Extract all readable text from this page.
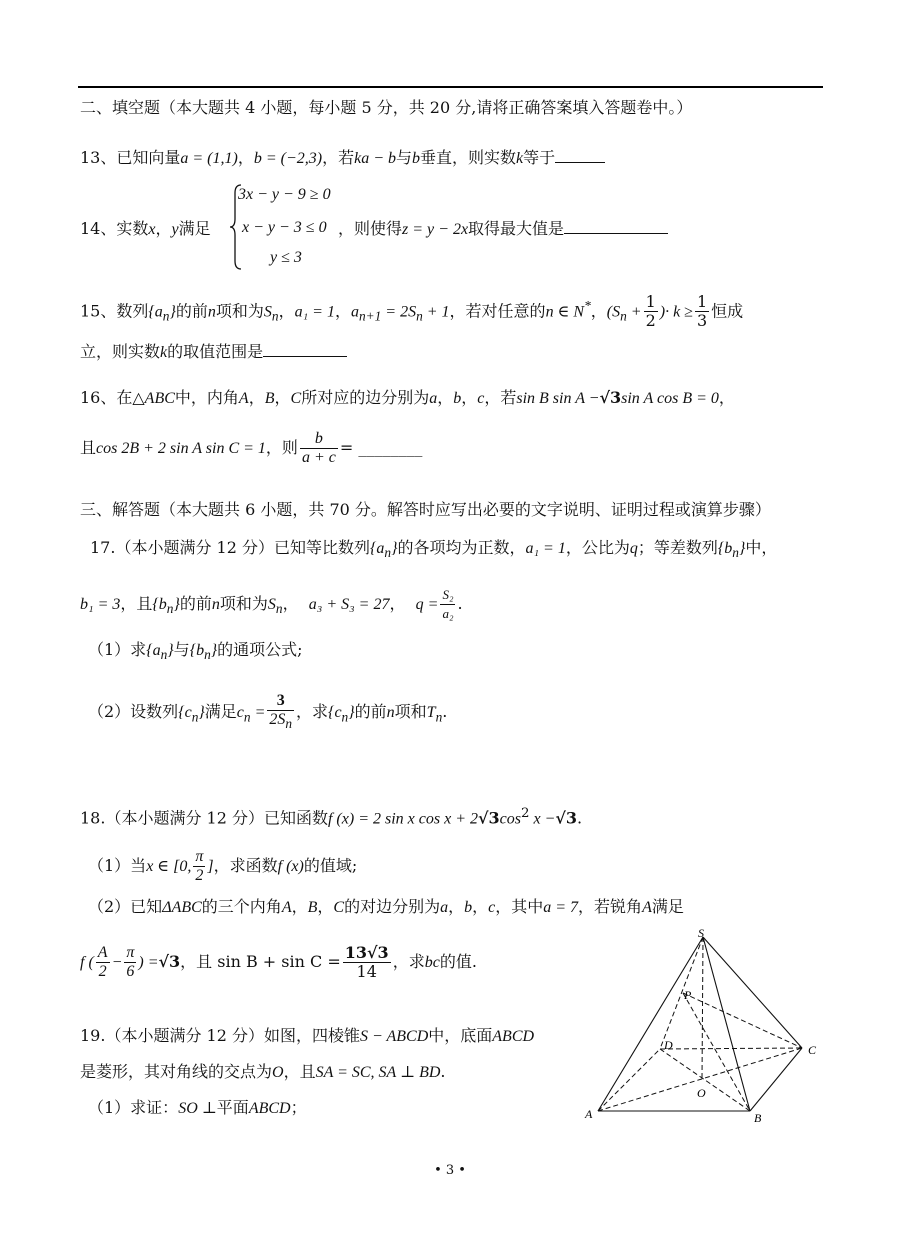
二、填空题（本大题共 4 小题，每小题 5 分，共 20 分,请将正确答案填入答题卷中。）
13、已知向量a = (1,1)，b = (−2,3)，若ka − b与b垂直，则实数k等于
14、实数x，y满足
3x − y − 9 ≥ 0
x − y − 3 ≤ 0
y ≤ 3
，则使得z = y − 2x取得最大值是
15、数列$\{a_n\}$的前n项和为$S_n$，a₁ = 1，$a_{n+1} = 2S_n + 1$，若对任意的n ∈ N*，($S_n + \frac{1}{2}$ )· $k \ge \frac{1}{3}$ 恒成
立，则实数k的取值范围是
16、在△ABC中，内角A，B，C所对应的边分别为a，b，c，若sin B sin A −√3sin A cos B = 0，
且cos 2B + 2 sin A sin C = 1，则 $\frac{b}{a + c}$ = ________
三、解答题（本大题共 6 小题，共 70 分。解答时应写出必要的文字说明、证明过程或演算步骤）
17.（本小题满分 12 分）已知等比数列$\{a_n\}$的各项均为正数，a₁ = 1，公比为q；等差数列$\{b_n\}$中，
b₁ = 3，且$\{b_n\}$的前n项和为$S_n$， a₃ + S₃ = 27， $q = \frac{\text{S₂}}{\text{a₂}}$ .
（1）求$\{a_n\}$与$\{b_n\}$的通项公式;
（2）设数列$\{c_n\}$满足$c_n = \frac{3}{2S_n}$ ，求$\{c_n\}$的前n项和$T_n$.
18.（本小题满分 12 分）已知函数f (x) = 2 sin x $\cos x + 2√3\cos^2$ x −√3.
（1）当x ∈ [0, $\frac{\pi}{2}$ ]，求函数f (x)的值域;
（2）已知ΔABC的三个内角A，B，C的对边分别为a，b，c，其中a = 7，若锐角A满足
f ( $\frac{A}{2} - \frac{\pi}{6}$ ) =√3，且 $\sin B + \sin C = \frac{13√3}{14}$ ，求bc的值.
19.（本小题满分 12 分）如图，四棱锥S − ABCD中，底面ABCD
是菱形，其对角线的交点为O，且SA = SC, SA ⊥ BD.
（1）求证：SO ⊥平面ABCD；
S
P
D	C
O
A	B
• 3 •
